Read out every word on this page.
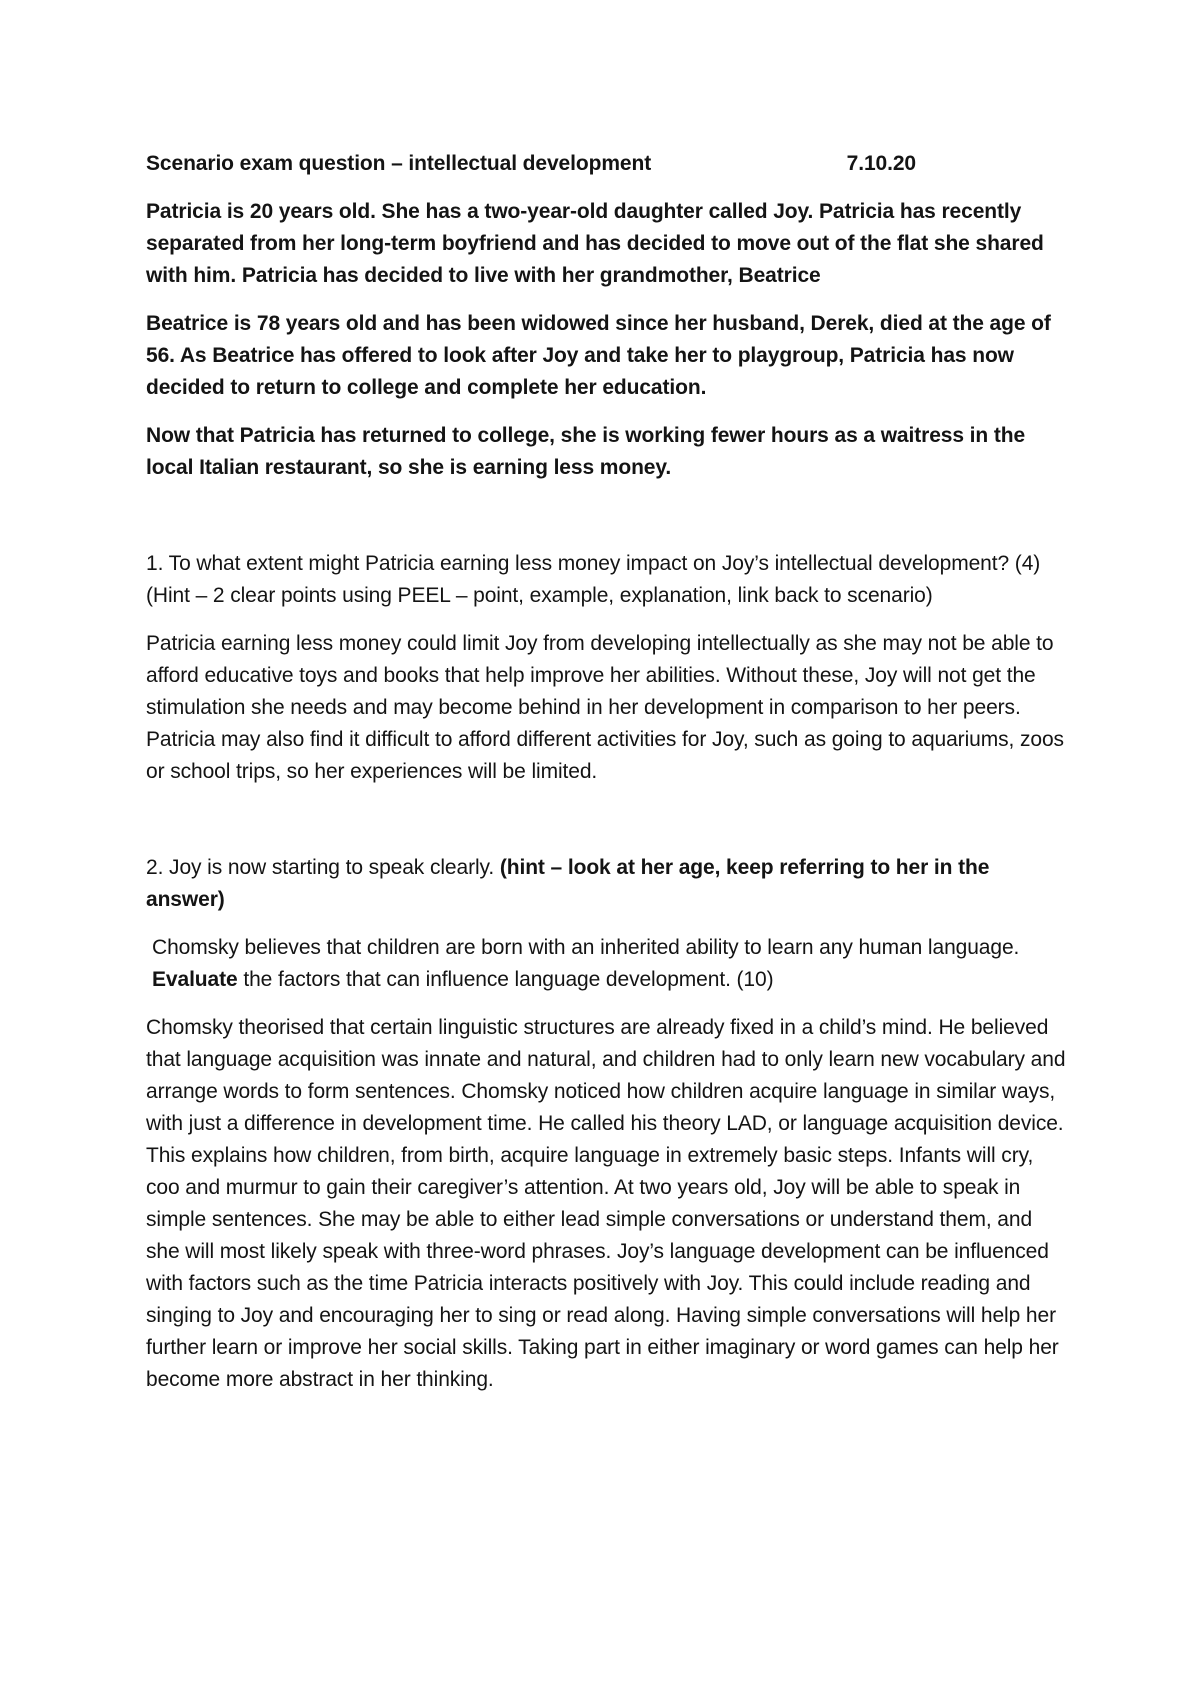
Scenario exam question – intellectual development	7.10.20

Patricia is 20 years old. She has a two-year-old daughter called Joy. Patricia has recently separated from her long-term boyfriend and has decided to move out of the flat she shared with him. Patricia has decided to live with her grandmother, Beatrice

Beatrice is 78 years old and has been widowed since her husband, Derek, died at the age of 56. As Beatrice has offered to look after Joy and take her to playgroup, Patricia has now decided to return to college and complete her education.

Now that Patricia has returned to college, she is working fewer hours as a waitress in the local Italian restaurant, so she is earning less money.

1. To what extent might Patricia earning less money impact on Joy’s intellectual development? (4) (Hint – 2 clear points using PEEL – point, example, explanation, link back to scenario)

Patricia earning less money could limit Joy from developing intellectually as she may not be able to afford educative toys and books that help improve her abilities. Without these, Joy will not get the stimulation she needs and may become behind in her development in comparison to her peers. Patricia may also find it difficult to afford different activities for Joy, such as going to aquariums, zoos or school trips, so her experiences will be limited.

2. Joy is now starting to speak clearly. (hint – look at her age, keep referring to her in the answer)

Chomsky believes that children are born with an inherited ability to learn any human language. Evaluate the factors that can influence language development. (10)

Chomsky theorised that certain linguistic structures are already fixed in a child’s mind. He believed that language acquisition was innate and natural, and children had to only learn new vocabulary and arrange words to form sentences. Chomsky noticed how children acquire language in similar ways, with just a difference in development time. He called his theory LAD, or language acquisition device. This explains how children, from birth, acquire language in extremely basic steps. Infants will cry, coo and murmur to gain their caregiver’s attention. At two years old, Joy will be able to speak in simple sentences. She may be able to either lead simple conversations or understand them, and she will most likely speak with three-word phrases. Joy’s language development can be influenced with factors such as the time Patricia interacts positively with Joy. This could include reading and singing to Joy and encouraging her to sing or read along. Having simple conversations will help her further learn or improve her social skills. Taking part in either imaginary or word games can help her become more abstract in her thinking.
